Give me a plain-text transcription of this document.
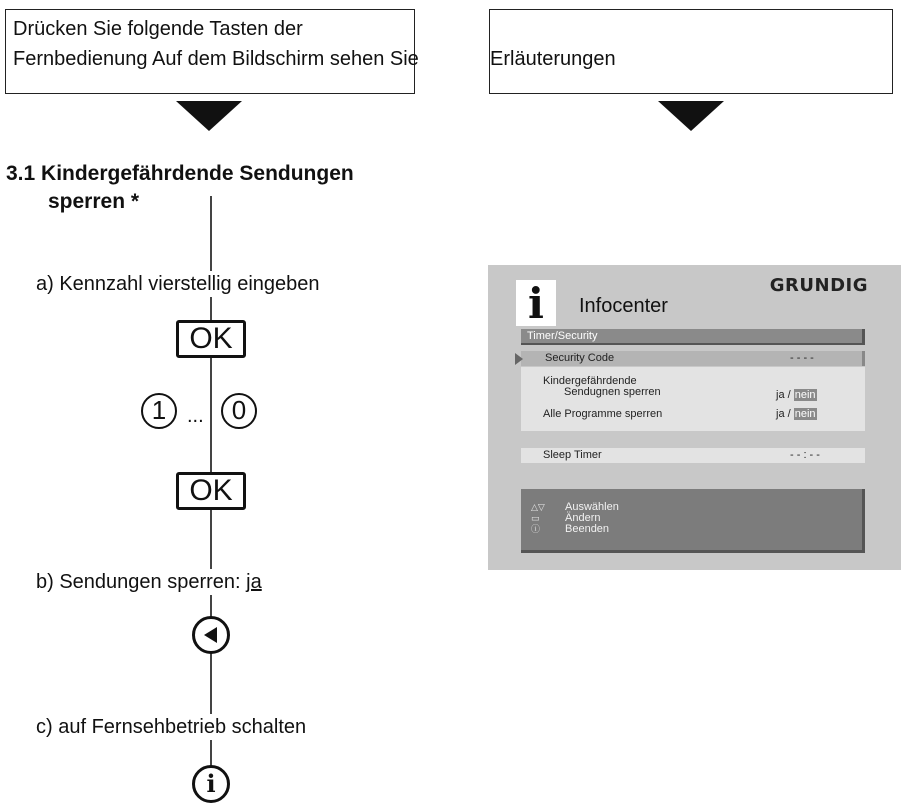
Drücken Sie folgende Tasten der
Fernbedienung Auf dem Bildschirm sehen Sie	Erläuterungen
3.1 Kindergefährdende Sendungen
sperren *
a) Kennzahl vierstellig eingeben
OK
1	...	0
OK
b) Sendungen sperren: ja
c) auf Fernsehbetrieb schalten
i
GRUNDIG
i	Infocenter
Timer/Security
Security Code	- - - -
Kindergefährdende
Sendugnen sperren	ja / nein
Alle Programme sperren	ja / nein
Sleep Timer	- - : - -
△▽
▭
ⓘ
Auswählen
Ändern
Beenden
